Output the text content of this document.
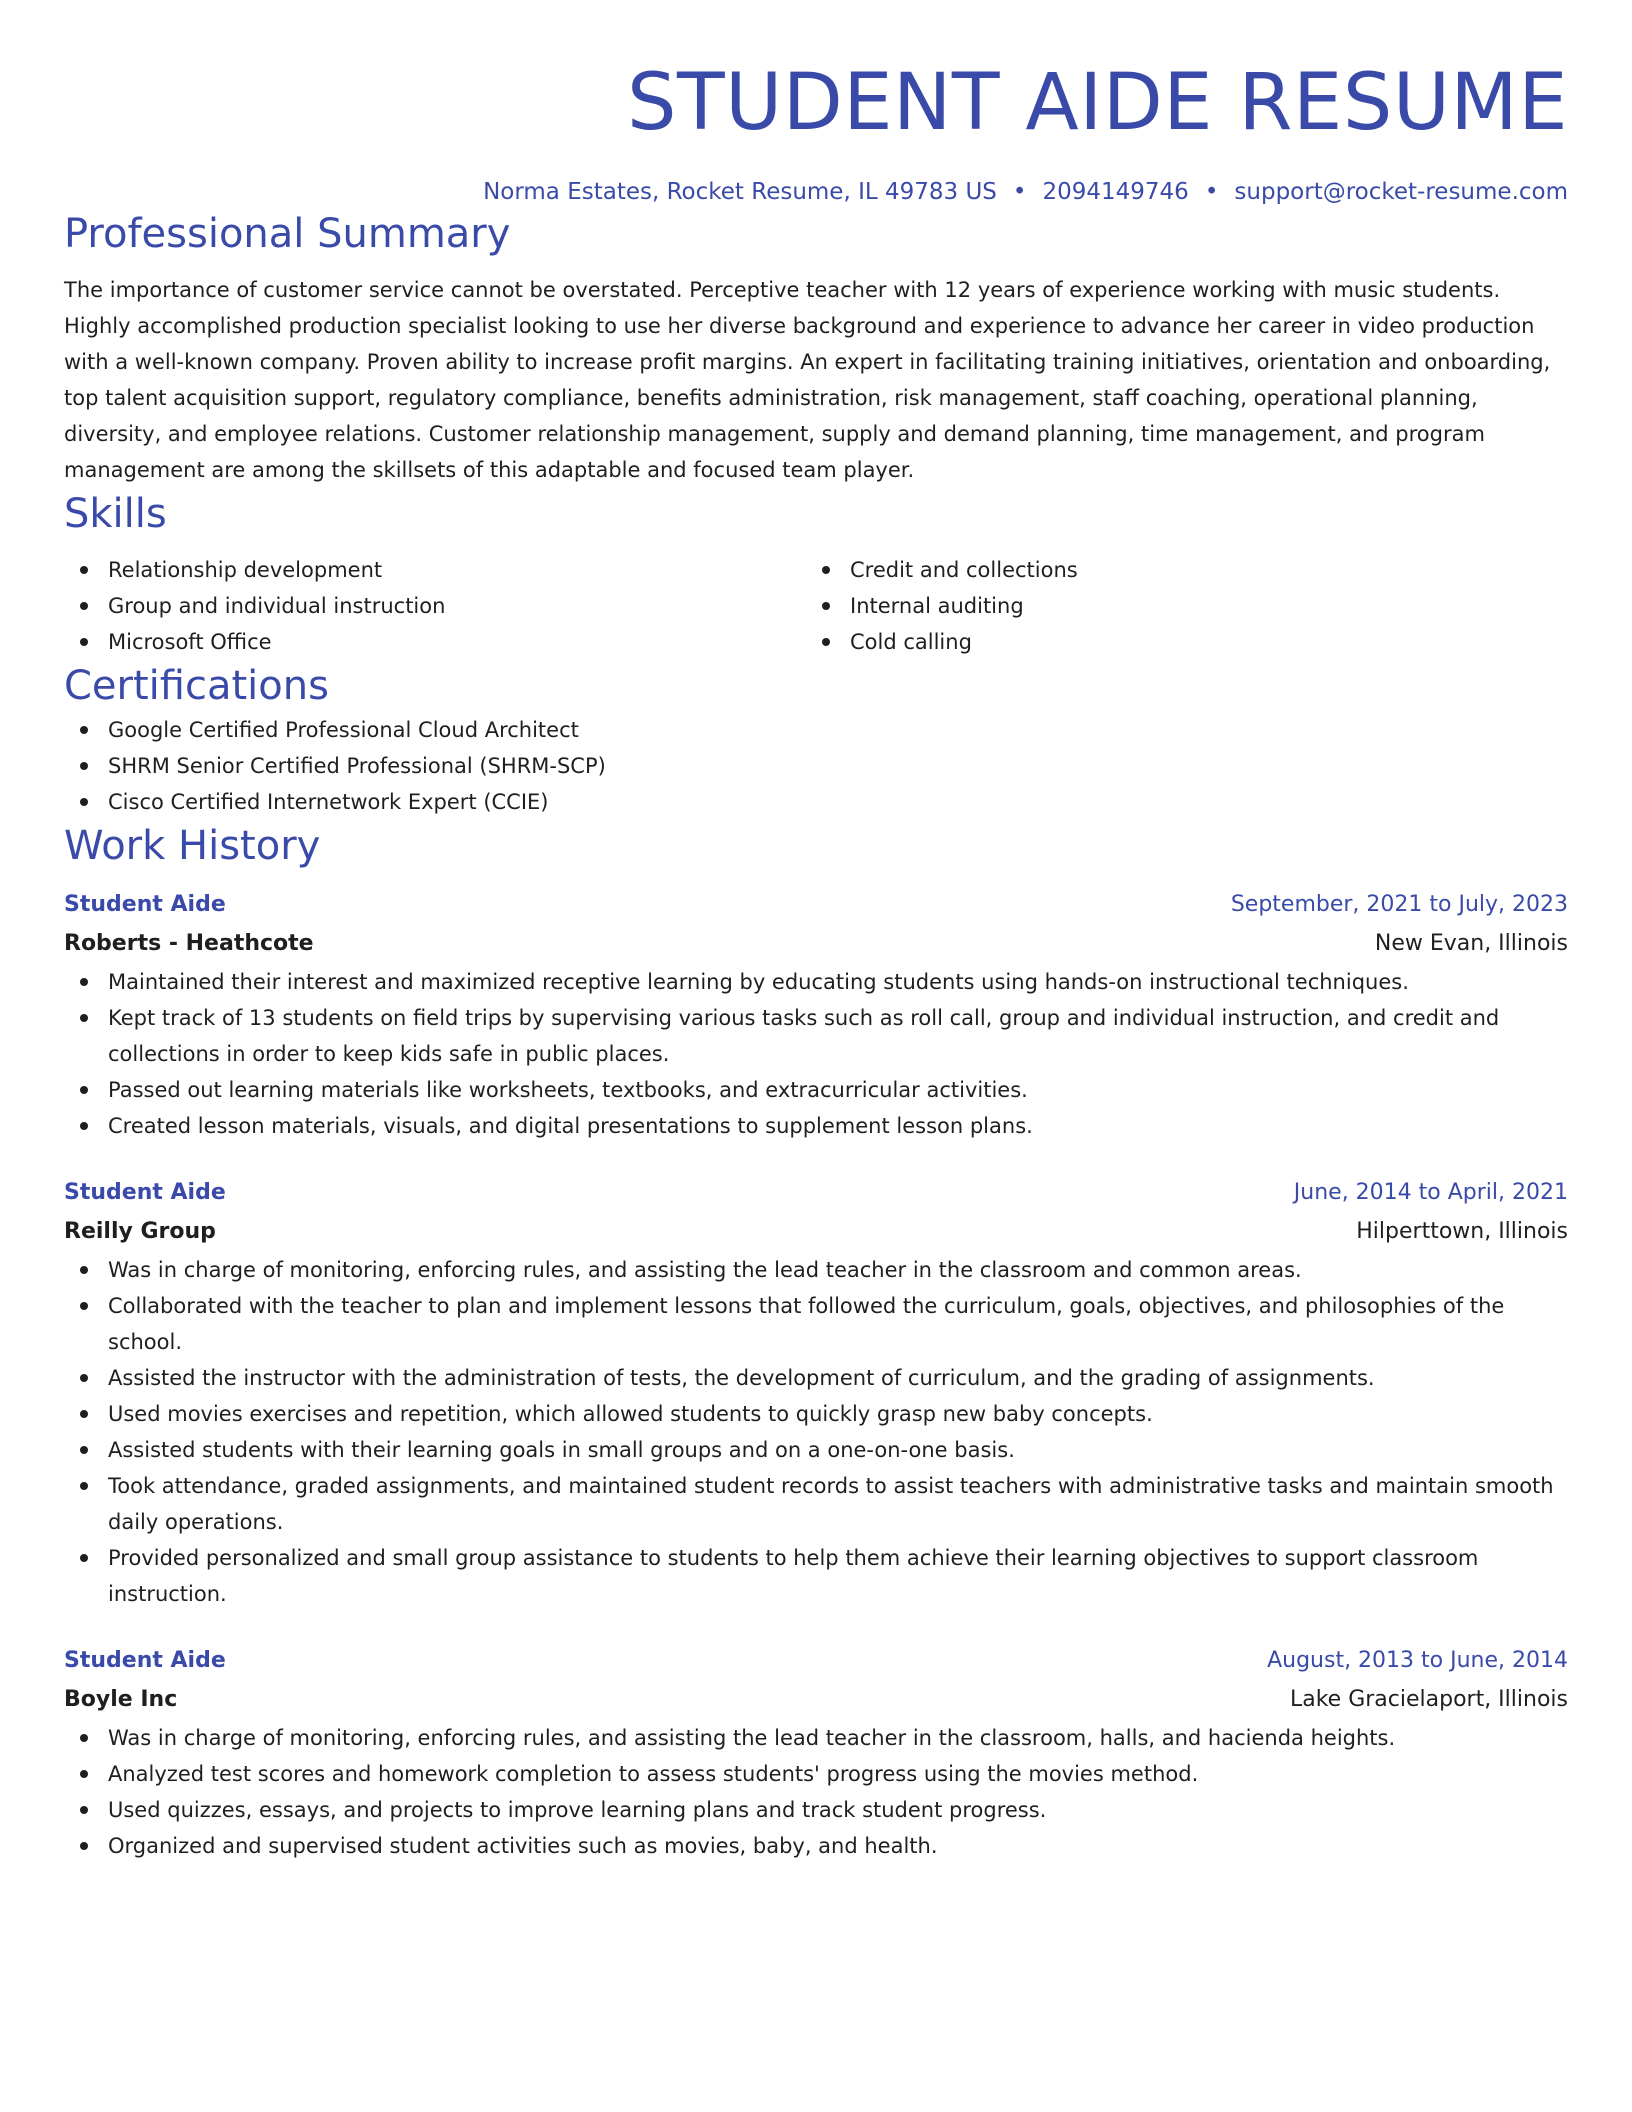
STUDENT AIDE RESUME
Norma Estates, Rocket Resume, IL 49783 US • 2094149746 • support@rocket-resume.com
Professional Summary
The importance of customer service cannot be overstated. Perceptive teacher with 12 years of experience working with music students. Highly accomplished production specialist looking to use her diverse background and experience to advance her career in video production with a well-known company. Proven ability to increase profit margins. An expert in facilitating training initiatives, orientation and onboarding, top talent acquisition support, regulatory compliance, benefits administration, risk management, staff coaching, operational planning, diversity, and employee relations. Customer relationship management, supply and demand planning, time management, and program management are among the skillsets of this adaptable and focused team player.
Skills
Relationship development
Group and individual instruction
Microsoft Office
Credit and collections
Internal auditing
Cold calling
Certifications
Google Certified Professional Cloud Architect
SHRM Senior Certified Professional (SHRM-SCP)
Cisco Certified Internetwork Expert (CCIE)
Work History
Student Aide	September, 2021 to July, 2023
Roberts - Heathcote	New Evan, Illinois
Maintained their interest and maximized receptive learning by educating students using hands-on instructional techniques.
Kept track of 13 students on field trips by supervising various tasks such as roll call, group and individual instruction, and credit and collections in order to keep kids safe in public places.
Passed out learning materials like worksheets, textbooks, and extracurricular activities.
Created lesson materials, visuals, and digital presentations to supplement lesson plans.
Student Aide	June, 2014 to April, 2021
Reilly Group	Hilperttown, Illinois
Was in charge of monitoring, enforcing rules, and assisting the lead teacher in the classroom and common areas.
Collaborated with the teacher to plan and implement lessons that followed the curriculum, goals, objectives, and philosophies of the school.
Assisted the instructor with the administration of tests, the development of curriculum, and the grading of assignments.
Used movies exercises and repetition, which allowed students to quickly grasp new baby concepts.
Assisted students with their learning goals in small groups and on a one-on-one basis.
Took attendance, graded assignments, and maintained student records to assist teachers with administrative tasks and maintain smooth daily operations.
Provided personalized and small group assistance to students to help them achieve their learning objectives to support classroom instruction.
Student Aide	August, 2013 to June, 2014
Boyle Inc	Lake Gracielaport, Illinois
Was in charge of monitoring, enforcing rules, and assisting the lead teacher in the classroom, halls, and hacienda heights.
Analyzed test scores and homework completion to assess students' progress using the movies method.
Used quizzes, essays, and projects to improve learning plans and track student progress.
Organized and supervised student activities such as movies, baby, and health.
